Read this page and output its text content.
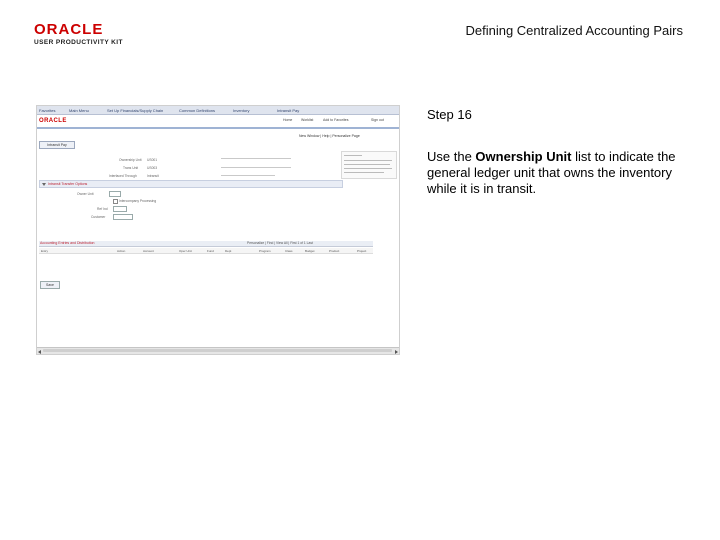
ORACLE
USER PRODUCTIVITY KIT
Defining Centralized Accounting Pairs
Favorites	Main Menu	Set Up Financials/Supply Chain	Common Definitions	Inventory	Intransit Pay
ORACLE	Home Worklist	Add to Favorites	Sign out
New Window | Help | Personalize Page
Intransit Pay
Ownership Unit US001
Trans Unit	US003
Interfaced Through	Intransit
Intransit Transfer Options
Owner Unit
Intercompany Processing
Ref Ind
Customer
Accounting Entries and Distribution	Personalize | Find | View All | First 1 of 1 Last
Entry	Action	Account	Oper Unit	Fund	Dept	Program	Class	Budget	Product	Project
Save
Step 16
Use the Ownership Unit list to indicate the general ledger unit that owns the inventory while it is in transit.
